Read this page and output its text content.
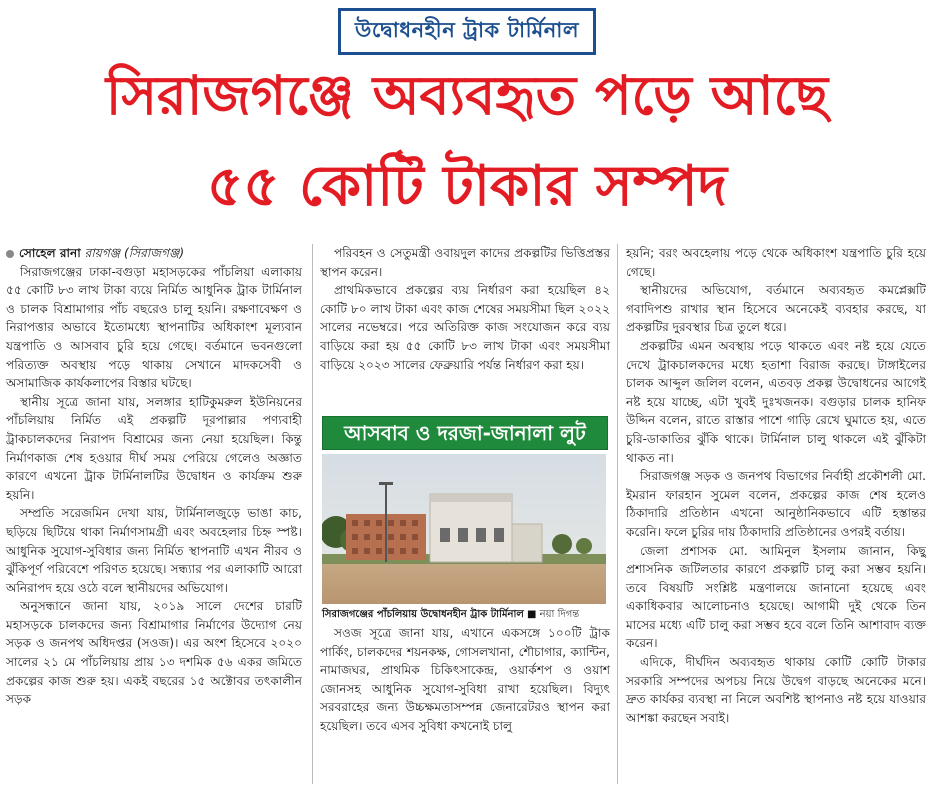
উদ্বোধনহীন ট্রাক টার্মিনাল
সিরাজগঞ্জে অব্যবহৃত পড়ে আছে
৫৫ কোটি টাকার সম্পদ

সোহেল রানা রায়গঞ্জ (সিরাজগঞ্জ)

সিরাজগঞ্জের ঢাকা-বগুড়া মহাসড়কের পাঁচলিয়া এলাকায় ৫৫ কোটি ৮৩ লাখ টাকা ব্যয়ে নির্মিত আধুনিক ট্রাক টার্মিনাল ও চালক বিশ্রামাগার পাঁচ বছরেও চালু হয়নি। রক্ষণাবেক্ষণ ও নিরাপত্তার অভাবে ইতোমধ্যে স্থাপনাটির অধিকাংশ মূল্যবান যন্ত্রপাতি ও আসবাব চুরি হয়ে গেছে। বর্তমানে ভবনগুলো পরিত্যক্ত অবস্থায় পড়ে থাকায় সেখানে মাদকসেবী ও অসামাজিক কার্যকলাপের বিস্তার ঘটছে।

স্থানীয় সূত্রে জানা যায়, সলঙ্গার হাটিকুমরুল ইউনিয়নের পাঁচলিয়ায় নির্মিত এই প্রকল্পটি দূরপাল্লার পণ্যবাহী ট্রাকচালকদের নিরাপদ বিশ্রামের জন্য নেয়া হয়েছিল। কিন্তু নির্মাণকাজ শেষ হওয়ার দীর্ঘ সময় পেরিয়ে গেলেও অজ্ঞাত কারণে এখনো ট্রাক টার্মিনালটির উদ্বোধন ও কার্যক্রম শুরু হয়নি।

সম্প্রতি সরেজমিন দেখা যায়, টার্মিনালজুড়ে ভাঙা কাচ, ছড়িয়ে ছিটিয়ে থাকা নির্মাণসামগ্রী এবং অবহেলার চিহ্ন স্পষ্ট। আধুনিক সুযোগ-সুবিধার জন্য নির্মিত স্থাপনাটি এখন নীরব ও ঝুঁকিপূর্ণ পরিবেশে পরিণত হয়েছে। সন্ধ্যার পর এলাকাটি আরো অনিরাপদ হয়ে ওঠে বলে স্থানীয়দের অভিযোগ।

অনুসন্ধানে জানা যায়, ২০১৯ সালে দেশের চারটি মহাসড়কে চালকদের জন্য বিশ্রামাগার নির্মাণের উদ্যোগ নেয় সড়ক ও জনপথ অধিদপ্তর (সওজ)। এর অংশ হিসেবে ২০২০ সালের ২১ মে পাঁচলিয়ায় প্রায় ১৩ দশমিক ৫৬ একর জমিতে প্রকল্পের কাজ শুরু হয়। একই বছরের ১৫ অক্টোবর তৎকালীন সড়ক

পরিবহন ও সেতুমন্ত্রী ওবায়দুল কাদের প্রকল্পটির ভিত্তিপ্রস্তর স্থাপন করেন।

প্রাথমিকভাবে প্রকল্পের ব্যয় নির্ধারণ করা হয়েছিল ৪২ কোটি ৮০ লাখ টাকা এবং কাজ শেষের সময়সীমা ছিল ২০২২ সালের নভেম্বরে। পরে অতিরিক্ত কাজ সংযোজন করে ব্যয় বাড়িয়ে করা হয় ৫৫ কোটি ৮৩ লাখ টাকা এবং সময়সীমা বাড়িয়ে ২০২৩ সালের ফেব্রুয়ারি পর্যন্ত নির্ধারণ করা হয়।

আসবাব ও দরজা-জানালা লুট
সিরাজগঞ্জের পাঁচলিয়ায় উদ্বোধনহীন ট্রাক টার্মিনাল ■ নয়া দিগন্ত

সওজ সূত্রে জানা যায়, এখানে একসঙ্গে ১০০টি ট্রাক পার্কিং, চালকদের শয়নকক্ষ, গোসলখানা, শৌচাগার, ক্যান্টিন, নামাজঘর, প্রাথমিক চিকিৎসাকেন্দ্র, ওয়ার্কশপ ও ওয়াশ জোনসহ আধুনিক সুযোগ-সুবিধা রাখা হয়েছিল। বিদ্যুৎ সরবরাহের জন্য উচ্চক্ষমতাসম্পন্ন জেনারেটরও স্থাপন করা হয়েছিল। তবে এসব সুবিধা কখনোই চালু

হয়নি; বরং অবহেলায় পড়ে থেকে অধিকাংশ যন্ত্রপাতি চুরি হয়ে গেছে।

স্থানীয়দের অভিযোগ, বর্তমানে অব্যবহৃত কমপ্লেক্সটি গবাদিপশু রাখার স্থান হিসেবে অনেকেই ব্যবহার করছে, যা প্রকল্পটির দুরবস্থার চিত্র তুলে ধরে।

প্রকল্পটির এমন অবস্থায় পড়ে থাকতে এবং নষ্ট হয়ে যেতে দেখে ট্রাকচালকদের মধ্যে হতাশা বিরাজ করছে। টাঙ্গাইলের চালক আব্দুল জলিল বলেন, এতবড় প্রকল্প উদ্বোধনের আগেই নষ্ট হয়ে যাচ্ছে, এটা খুবই দুঃখজনক। বগুড়ার চালক হানিফ উদ্দিন বলেন, রাতে রাস্তার পাশে গাড়ি রেখে ঘুমাতে হয়, এতে চুরি-ডাকাতির ঝুঁকি থাকে। টার্মিনাল চালু থাকলে এই ঝুঁকিটা থাকত না।

সিরাজগঞ্জ সড়ক ও জনপথ বিভাগের নির্বাহী প্রকৌশলী মো. ইমরান ফারহান সুমেল বলেন, প্রকল্পের কাজ শেষ হলেও ঠিকাদারি প্রতিষ্ঠান এখনো আনুষ্ঠানিকভাবে এটি হস্তান্তর করেনি। ফলে চুরির দায় ঠিকাদারি প্রতিষ্ঠানের ওপরই বর্তায়।

জেলা প্রশাসক মো. আমিনুল ইসলাম জানান, কিছু প্রশাসনিক জটিলতার কারণে প্রকল্পটি চালু করা সম্ভব হয়নি। তবে বিষয়টি সংশ্লিষ্ট মন্ত্রণালয়ে জানানো হয়েছে এবং একাধিকবার আলোচনাও হয়েছে। আগামী দুই থেকে তিন মাসের মধ্যে এটি চালু করা সম্ভব হবে বলে তিনি আশাবাদ ব্যক্ত করেন।

এদিকে, দীর্ঘদিন অব্যবহৃত থাকায় কোটি কোটি টাকার সরকারি সম্পদের অপচয় নিয়ে উদ্বেগ বাড়ছে অনেকের মনে। দ্রুত কার্যকর ব্যবস্থা না নিলে অবশিষ্ট স্থাপনাও নষ্ট হয়ে যাওয়ার আশঙ্কা করছেন সবাই।
